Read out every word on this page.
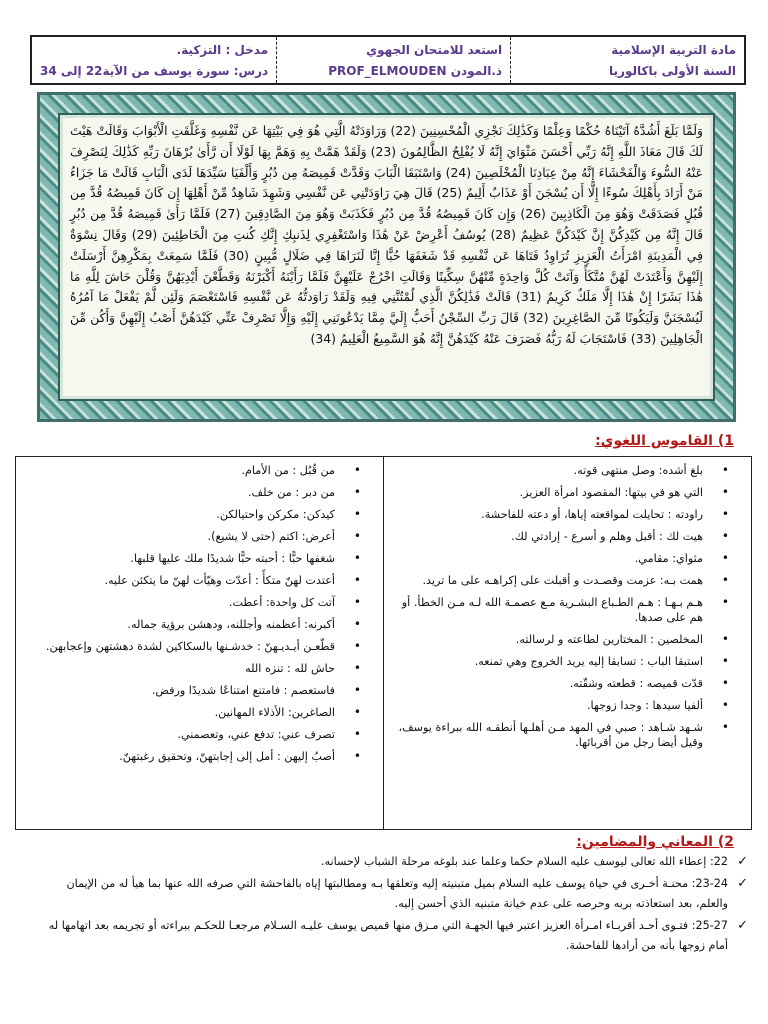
مادة التربية الإسلامية
السنة الأولى باكالوريا
استعد للامتحان الجهوي
ذ.المودن PROF_ELMOUDEN
مدخل : التزكية.
درس: سورة يوسف من الآية22 إلى 34
وَلَمَّا بَلَغَ أَشُدَّهُ آتَيْنَاهُ حُكْمًا وَعِلْمًا وَكَذَٰلِكَ نَجْزِي الْمُحْسِنِينَ (22) وَرَاوَدَتْهُ الَّتِي هُوَ فِي بَيْتِهَا عَن نَّفْسِهِ وَغَلَّقَتِ الْأَبْوَابَ وَقَالَتْ هَيْتَ لَكَ قَالَ مَعَاذَ اللَّهِ إِنَّهُ رَبِّي أَحْسَنَ مَثْوَايَ إِنَّهُ لَا يُفْلِحُ الظَّالِمُونَ (23) وَلَقَدْ هَمَّتْ بِهِ وَهَمَّ بِهَا لَوْلَا أَن رَّأَىٰ بُرْهَانَ رَبِّهِ كَذَٰلِكَ لِنَصْرِفَ عَنْهُ السُّوءَ وَالْفَحْشَاءَ إِنَّهُ مِنْ عِبَادِنَا الْمُخْلَصِينَ (24) وَاسْتَبَقَا الْبَابَ وَقَدَّتْ قَمِيصَهُ مِن دُبُرٍ وَأَلْفَيَا سَيِّدَهَا لَدَى الْبَابِ قَالَتْ مَا جَزَاءُ مَنْ أَرَادَ بِأَهْلِكَ سُوءًا إِلَّا أَن يُسْجَنَ أَوْ عَذَابٌ أَلِيمٌ (25) قَالَ هِيَ رَاوَدَتْنِي عَن نَّفْسِي وَشَهِدَ شَاهِدٌ مِّنْ أَهْلِهَا إِن كَانَ قَمِيصُهُ قُدَّ مِن قُبُلٍ فَصَدَقَتْ وَهُوَ مِنَ الْكَاذِبِينَ (26) وَإِن كَانَ قَمِيصُهُ قُدَّ مِن دُبُرٍ فَكَذَبَتْ وَهُوَ مِنَ الصَّادِقِينَ (27) فَلَمَّا رَأَىٰ قَمِيصَهُ قُدَّ مِن دُبُرٍ قَالَ إِنَّهُ مِن كَيْدِكُنَّ إِنَّ كَيْدَكُنَّ عَظِيمٌ (28) يُوسُفُ أَعْرِضْ عَنْ هَٰذَا وَاسْتَغْفِرِي لِذَنبِكِ إِنَّكِ كُنتِ مِنَ الْخَاطِئِينَ (29) وَقَالَ نِسْوَةٌ فِي الْمَدِينَةِ امْرَأَتُ الْعَزِيزِ تُرَاوِدُ فَتَاهَا عَن نَّفْسِهِ قَدْ شَغَفَهَا حُبًّا إِنَّا لَنَرَاهَا فِي ضَلَالٍ مُّبِينٍ (30) فَلَمَّا سَمِعَتْ بِمَكْرِهِنَّ أَرْسَلَتْ إِلَيْهِنَّ وَأَعْتَدَتْ لَهُنَّ مُتَّكَأً وَآتَتْ كُلَّ وَاحِدَةٍ مِّنْهُنَّ سِكِّينًا وَقَالَتِ اخْرُجْ عَلَيْهِنَّ فَلَمَّا رَأَيْنَهُ أَكْبَرْنَهُ وَقَطَّعْنَ أَيْدِيَهُنَّ وَقُلْنَ حَاشَ لِلَّهِ مَا هَٰذَا بَشَرًا إِنْ هَٰذَا إِلَّا مَلَكٌ كَرِيمٌ (31) قَالَتْ فَذَٰلِكُنَّ الَّذِي لُمْتُنَّنِي فِيهِ وَلَقَدْ رَاوَدتُّهُ عَن نَّفْسِهِ فَاسْتَعْصَمَ وَلَئِن لَّمْ يَفْعَلْ مَا آمُرُهُ لَيُسْجَنَنَّ وَلَيَكُونًا مِّنَ الصَّاغِرِينَ (32) قَالَ رَبِّ السِّجْنُ أَحَبُّ إِلَيَّ مِمَّا يَدْعُونَنِي إِلَيْهِ وَإِلَّا تَصْرِفْ عَنِّي كَيْدَهُنَّ أَصْبُ إِلَيْهِنَّ وَأَكُن مِّنَ الْجَاهِلِينَ (33) فَاسْتَجَابَ لَهُ رَبُّهُ فَصَرَفَ عَنْهُ كَيْدَهُنَّ إِنَّهُ هُوَ السَّمِيعُ الْعَلِيمُ (34)
1) القاموس اللغوي:
• بلغ أشده: وصل منتهى قوته.
• التي هو في بيتها: المقصود امرأة العزيز.
• راودته : تحايلت لمواقعته إياها، أو دعته للفاحشة.
• هيت لك : أقبل وهلم و أسرع - إرادتي لك.
• مثواي: مقامي.
• همت بـه: عزمت وقصـدت و أقبلت على إكراهـه على ما تريد.
• هـم بـهـا : هـم الطـباع البشـرية مـع عصمـة الله لـه مـن الخطأ. أو هم على صدها.
• المخلصين : المختارين لطاعته و لرسالته.
• استبقا الباب : تسابقا إليه يريد الخروج وهي تمنعه.
• قدّت قميصه : قطعته وشقّته.
• ألفيا سيدها : وجدا زوجها.
• شـهد شـاهد : صبي في المهد مـن أهلـها أنطقـه الله ببراءة يوسف، وقيل أيضا رجل من أقربائها.
• من قُبُل : من الأمام.
• من دبر : من خلف.
• كيدكن: مكركن واحتيالكن.
• أعرض: اكتم (حتى لا يشيع).
• شغفها حبًّا : أحبته حبًّا شديدًا ملك عليها قلبها.
• أعتدت لهنّ متكأً : أعدّت وهيّأت لهنّ ما يتكئن عليه.
• آتت كل واحدة: أعطت.
• أكبرنه: أعظمنه وأجللنه، ودهشن برؤية جماله.
• قطّعـن أيـديـهنّ : خدشـنها بالسكاكين لشدة دهشتهن وإعجابهن.
• حاش لله : تنزه الله
• فاستعصم : فامتنع امتناعًا شديدًا ورفض.
• الصاغرين: الأذلاء المهانين.
• تصرف عني: تدفع عني، وتعصمني.
• أصبُ إليهن : أمل إلى إجابتهنّ، وتحقيق رغبتهنّ.
2) المعاني والمضامين:
✓
22: إعطاء الله تعالى ليوسف عليه السلام حكما وعلما عند بلوغه مرحلة الشباب لإحسانه.
✓
23-24: محنـة أخـرى في حياة يوسف عليه السلام بميل متبنيته إليه وتعلقها بـه ومطالبتها إياه بالفاحشة التي صرفه الله عنها بما هيأ له من الإيمان والعلم، بعد استعاذته بربه وحرصه على عدم خيانة متبنيه الذي أحسن إليه.
✓
25-27: فتـوى أحـد أقربـاء امـرأة العزيز اعتبر فيها الجهـة التي مـزق منها قميص يوسف عليـه السـلام مرجعـا للحكـم ببراءته أو تجريمه بعد اتهامها له أمام زوجها بأنه من أرادها للفاحشة.
